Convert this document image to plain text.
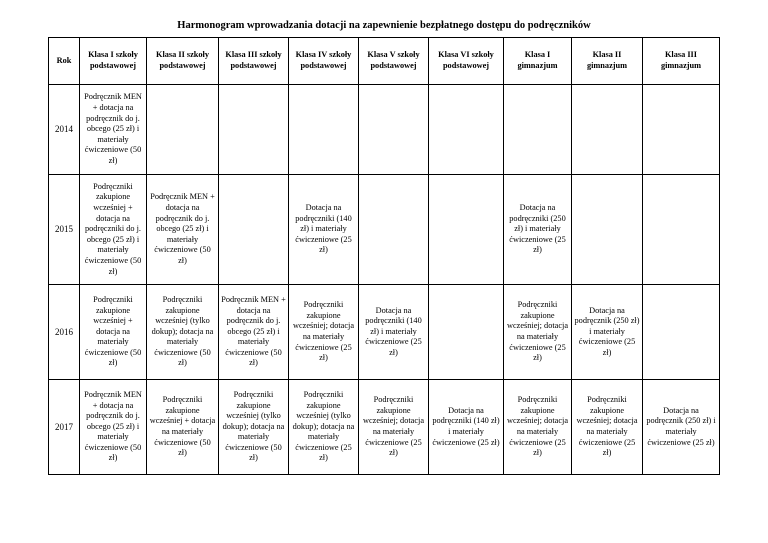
Harmonogram wprowadzania dotacji na zapewnienie bezpłatnego dostępu do podręczników
Rok	Klasa I szkoły podstawowej	Klasa II szkoły podstawowej	Klasa III szkoły podstawowej	Klasa IV szkoły podstawowej	Klasa V szkoły podstawowej	Klasa VI szkoły podstawowej	Klasa I gimnazjum	Klasa II gimnazjum	Klasa III gimnazjum

2014	Podręcznik MEN + dotacja na podręcznik do j. obcego (25 zł) i materiały ćwiczeniowe (50 zł)								

2015	Podręczniki zakupione wcześniej + dotacja na podręczniki do j. obcego (25 zł) i materiały ćwiczeniowe (50 zł)	Podręcznik MEN + dotacja na podręcznik do j. obcego (25 zł) i materiały ćwiczeniowe (50 zł)		Dotacja na podręczniki (140 zł) i materiały ćwiczeniowe (25 zł)			Dotacja na podręczniki (250 zł) i materiały ćwiczeniowe (25 zł)		

2016	Podręczniki zakupione wcześniej + dotacja na materiały ćwiczeniowe (50 zł)	Podręczniki zakupione wcześniej (tylko dokup); dotacja na materiały ćwiczeniowe (50 zł)	Podręcznik MEN + dotacja na podręcznik do j. obcego (25 zł) i materiały ćwiczeniowe (50 zł)	Podręczniki zakupione wcześniej; dotacja na materiały ćwiczeniowe (25 zł)	Dotacja na podręczniki (140 zł) i materiały ćwiczeniowe (25 zł)		Podręczniki zakupione wcześniej; dotacja na materiały ćwiczeniowe (25 zł)	Dotacja na podręcznik (250 zł) i materiały ćwiczeniowe (25 zł)	

2017	Podręcznik MEN + dotacja na podręcznik do j. obcego (25 zł) i materiały ćwiczeniowe (50 zł)	Podręczniki zakupione wcześniej + dotacja na materiały ćwiczeniowe (50 zł)	Podręczniki zakupione wcześniej (tylko dokup); dotacja na materiały ćwiczeniowe (50 zł)	Podręczniki zakupione wcześniej (tylko dokup); dotacja na materiały ćwiczeniowe (25 zł)	Podręczniki zakupione wcześniej; dotacja na materiały ćwiczeniowe (25 zł)	Dotacja na podręczniki (140 zł) i materiały ćwiczeniowe (25 zł)	Podręczniki zakupione wcześniej; dotacja na materiały ćwiczeniowe (25 zł)	Podręczniki zakupione wcześniej; dotacja na materiały ćwiczeniowe (25 zł)	Dotacja na podręcznik (250 zł) i materiały ćwiczeniowe (25 zł)
